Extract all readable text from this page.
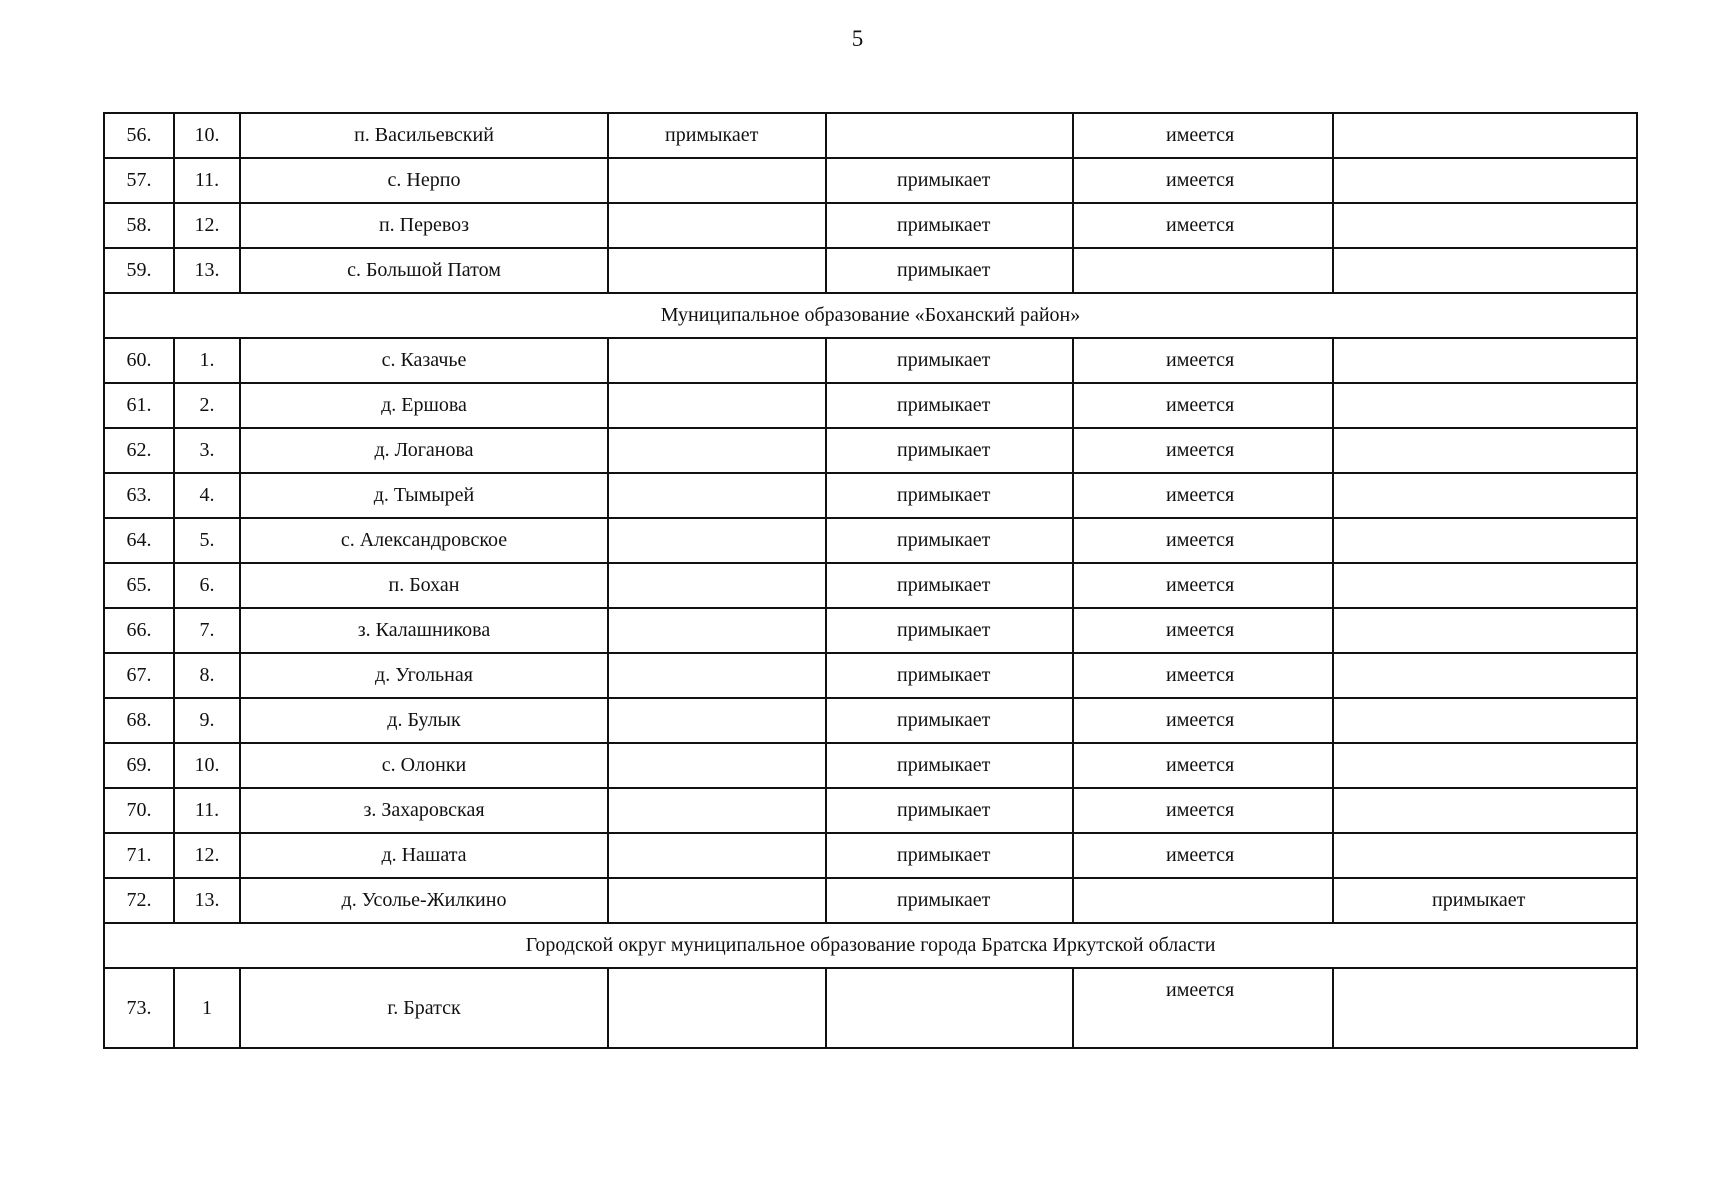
5
56.	10.	п. Васильевский	примыкает		имеется	
57.	11.	с. Нерпо		примыкает	имеется	
58.	12.	п. Перевоз		примыкает	имеется	
59.	13.	с. Большой Патом		примыкает		
Муниципальное образование «Боханский район»						
60.	1.	с. Казачье		примыкает	имеется	
61.	2.	д. Ершова		примыкает	имеется	
62.	3.	д. Логанова		примыкает	имеется	
63.	4.	д. Тымырей		примыкает	имеется	
64.	5.	с. Александровское		примыкает	имеется	
65.	6.	п. Бохан		примыкает	имеется	
66.	7.	з. Калашникова		примыкает	имеется	
67.	8.	д. Угольная		примыкает	имеется	
68.	9.	д. Булык		примыкает	имеется	
69.	10.	с. Олонки		примыкает	имеется	
70.	11.	з. Захаровская		примыкает	имеется	
71.	12.	д. Нашата		примыкает	имеется	
72.	13.	д. Усолье-Жилкино		примыкает		примыкает
Городской округ муниципальное образование города Братска Иркутской области						
73.	1	г. Братск			имеется	
